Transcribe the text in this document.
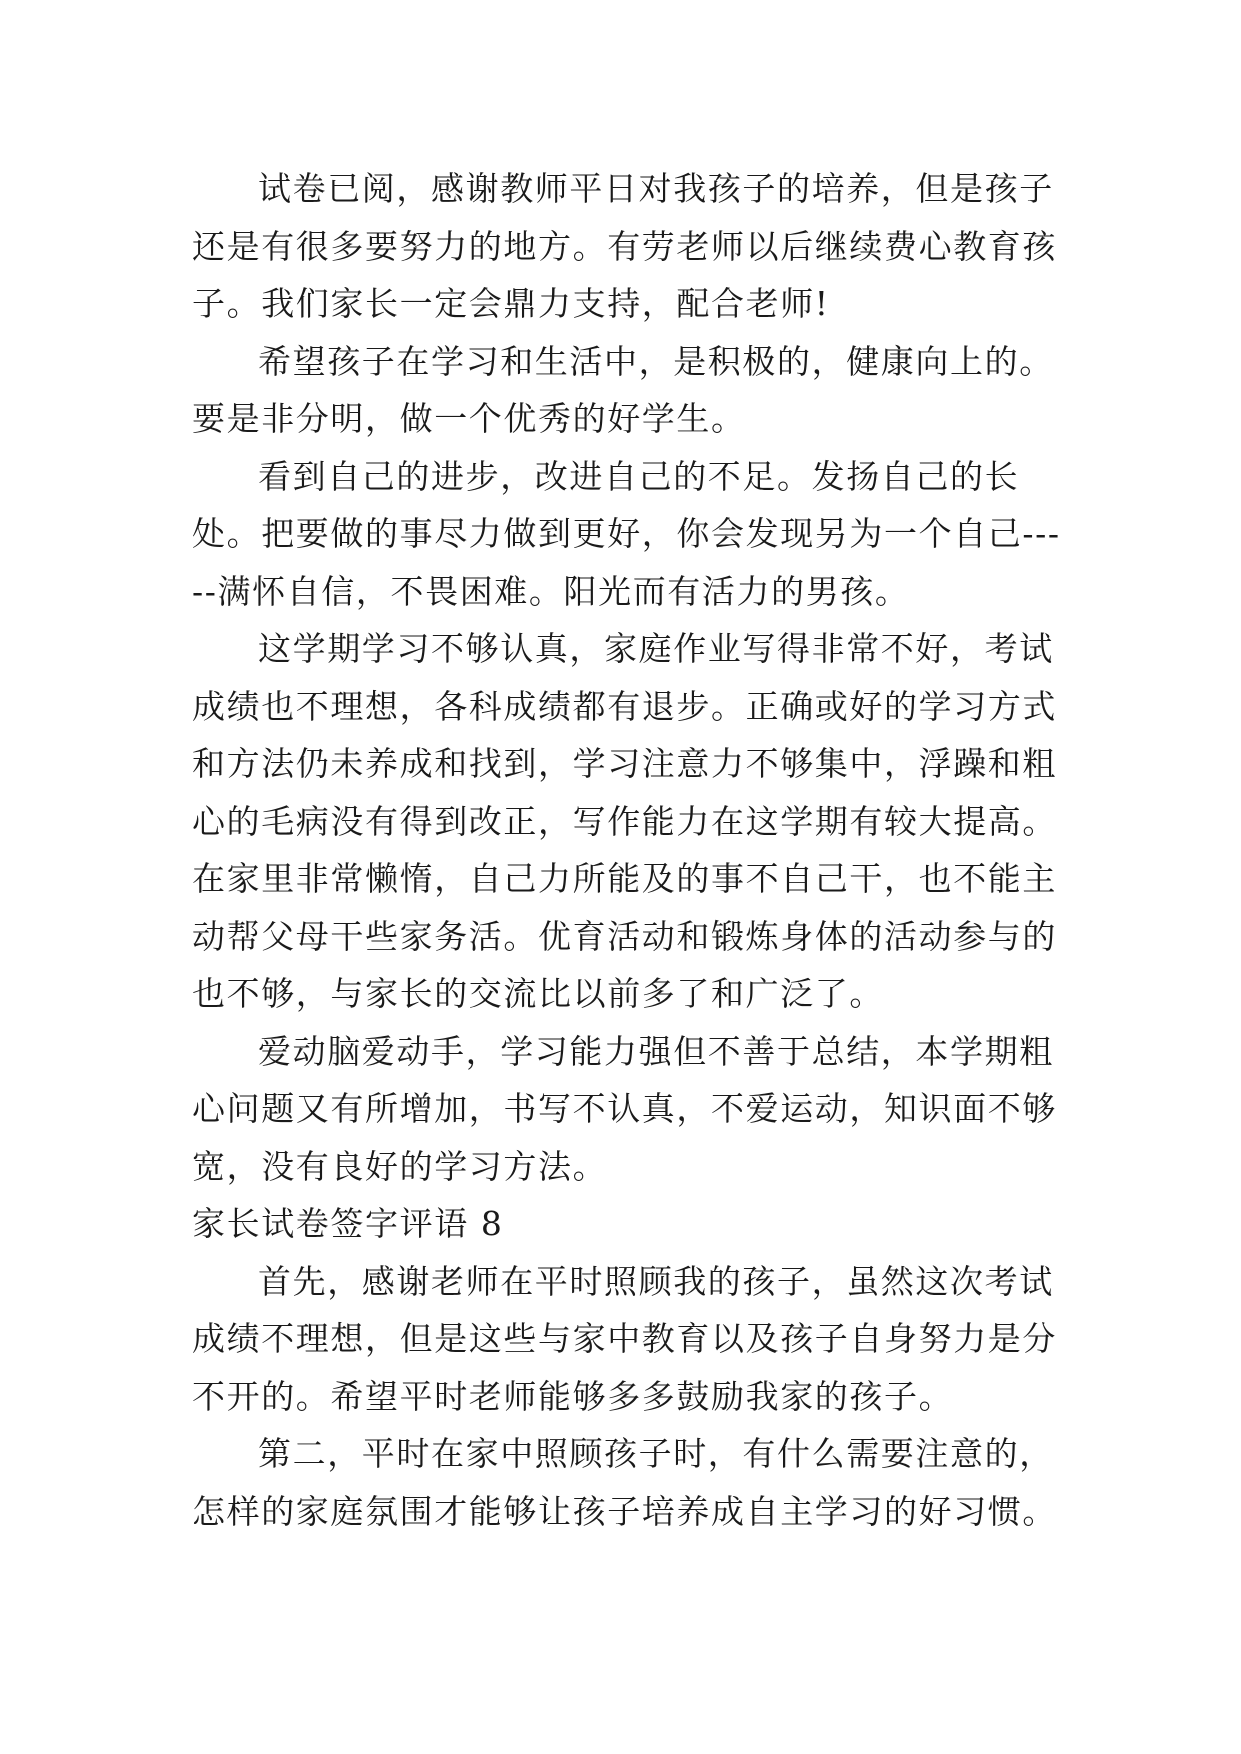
试卷已阅，感谢教师平日对我孩子的培养，但是孩子还是有很多要努力的地方。有劳老师以后继续费心教育孩子。我们家长一定会鼎力支持，配合老师!

希望孩子在学习和生活中，是积极的，健康向上的。要是非分明，做一个优秀的好学生。

看到自己的进步，改进自己的不足。发扬自己的长处。把要做的事尽力做到更好，你会发现另为一个自己-----满怀自信，不畏困难。阳光而有活力的男孩。

这学期学习不够认真，家庭作业写得非常不好，考试成绩也不理想，各科成绩都有退步。正确或好的学习方式和方法仍未养成和找到，学习注意力不够集中，浮躁和粗心的毛病没有得到改正，写作能力在这学期有较大提高。在家里非常懒惰，自己力所能及的事不自己干，也不能主动帮父母干些家务活。优育活动和锻炼身体的活动参与的也不够，与家长的交流比以前多了和广泛了。

爱动脑爱动手，学习能力强但不善于总结，本学期粗心问题又有所增加，书写不认真，不爱运动，知识面不够宽，没有良好的学习方法。

家长试卷签字评语 8

首先，感谢老师在平时照顾我的孩子，虽然这次考试成绩不理想，但是这些与家中教育以及孩子自身努力是分不开的。希望平时老师能够多多鼓励我家的孩子。

第二，平时在家中照顾孩子时，有什么需要注意的，怎样的家庭氛围才能够让孩子培养成自主学习的好习惯。
